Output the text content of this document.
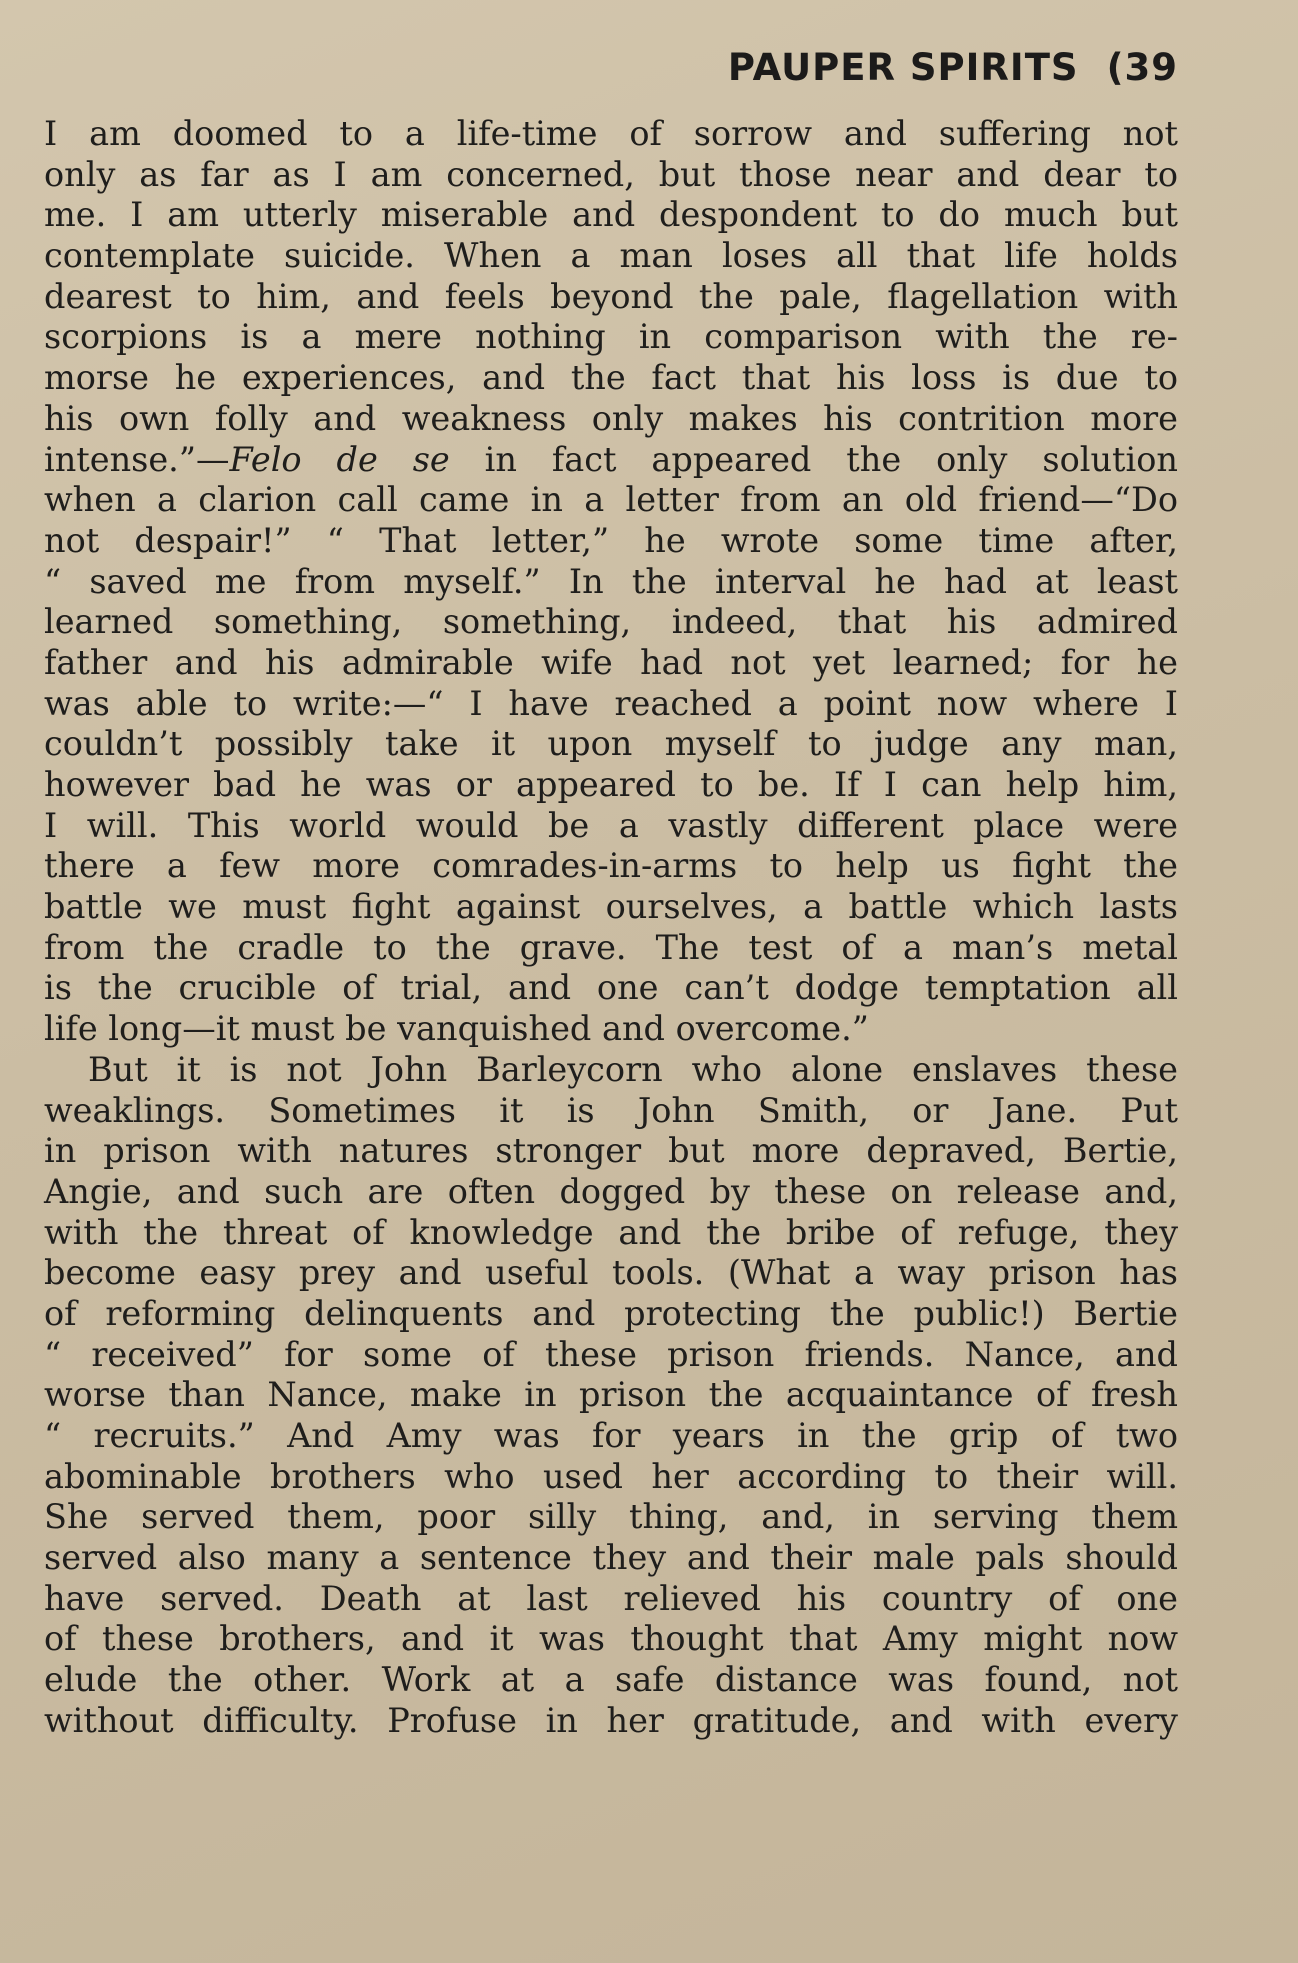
PAUPER SPIRITS (39
I am doomed to a life-time of sorrow and suffering not
only as far as I am concerned, but those near and dear to
me. I am utterly miserable and despondent to do much but
contemplate suicide. When a man loses all that life holds
dearest to him, and feels beyond the pale, flagellation with
scorpions is a mere nothing in comparison with the re-
morse he experiences, and the fact that his loss is due to
his own folly and weakness only makes his contrition more
intense.”—Felo de se in fact appeared the only solution
when a clarion call came in a letter from an old friend—“Do
not despair!” “ That letter,” he wrote some time after,
“ saved me from myself.” In the interval he had at least
learned something, something, indeed, that his admired
father and his admirable wife had not yet learned; for he
was able to write:—“ I have reached a point now where I
couldn’t possibly take it upon myself to judge any man,
however bad he was or appeared to be. If I can help him,
I will. This world would be a vastly different place were
there a few more comrades-in-arms to help us fight the
battle we must fight against ourselves, a battle which lasts
from the cradle to the grave. The test of a man’s metal
is the crucible of trial, and one can’t dodge temptation all
life long—it must be vanquished and overcome.”
But it is not John Barleycorn who alone enslaves these
weaklings. Sometimes it is John Smith, or Jane. Put
in prison with natures stronger but more depraved, Bertie,
Angie, and such are often dogged by these on release and,
with the threat of knowledge and the bribe of refuge, they
become easy prey and useful tools. (What a way prison has
of reforming delinquents and protecting the public!) Bertie
“ received” for some of these prison friends. Nance, and
worse than Nance, make in prison the acquaintance of fresh
“ recruits.” And Amy was for years in the grip of two
abominable brothers who used her according to their will.
She served them, poor silly thing, and, in serving them
served also many a sentence they and their male pals should
have served. Death at last relieved his country of one
of these brothers, and it was thought that Amy might now
elude the other. Work at a safe distance was found, not
without difficulty. Profuse in her gratitude, and with every
